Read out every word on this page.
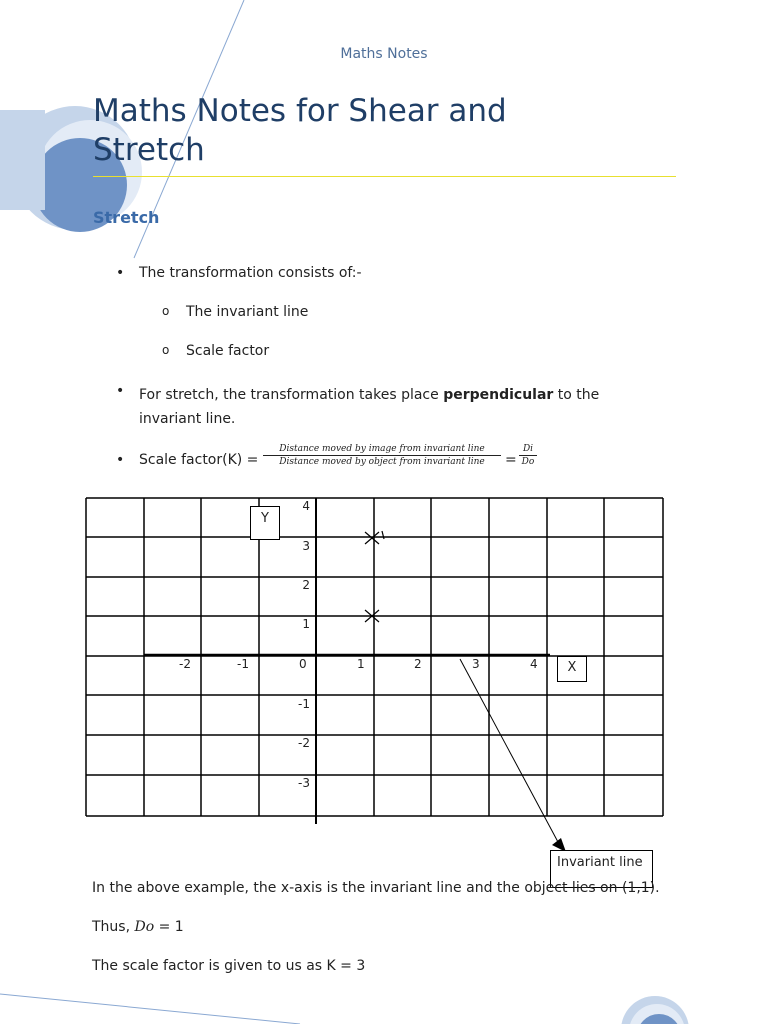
Maths Notes
Maths Notes for Shear and
Stretch
Stretch
• The transformation consists of:-
o The invariant line
o Scale factor
• For stretch, the transformation takes place perpendicular to the
invariant line.
• Scale factor(K) =
Distance moved by image from invariant line
Distance moved by object from invariant line	=
Di
Do
4
3
2
1
-1
-2
-3
-2	-1	0	1	2	3	4
Y
X
Invariant line
In the above example, the x-axis is the invariant line and the object lies on (1,1).
Thus, Do = 1
The scale factor is given to us as K = 3
